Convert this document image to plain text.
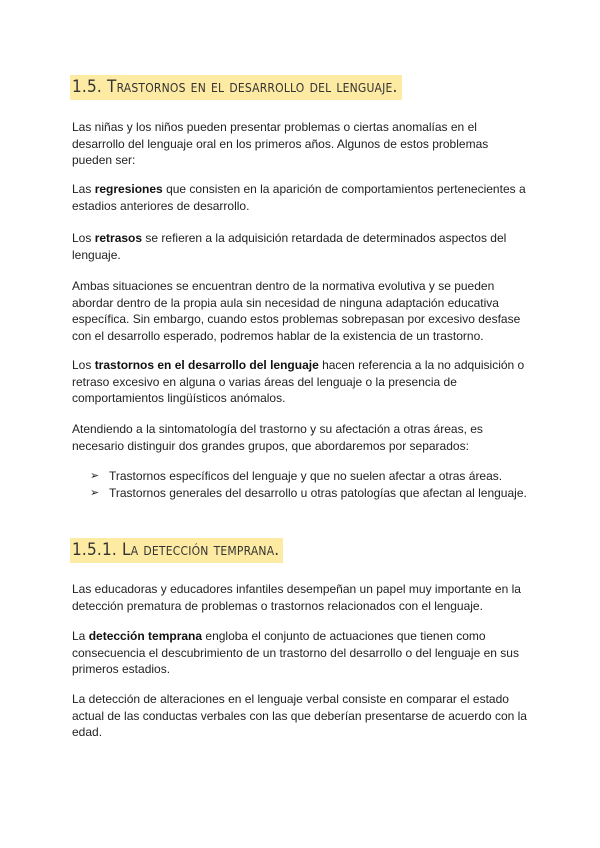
1.5. Trastornos en el desarrollo del lenguaje.

Las niñas y los niños pueden presentar problemas o ciertas anomalías en el desarrollo del lenguaje oral en los primeros años. Algunos de estos problemas pueden ser:

Las regresiones que consisten en la aparición de comportamientos pertenecientes a estadios anteriores de desarrollo.

Los retrasos se refieren a la adquisición retardada de determinados aspectos del lenguaje.

Ambas situaciones se encuentran dentro de la normativa evolutiva y se pueden abordar dentro de la propia aula sin necesidad de ninguna adaptación educativa específica. Sin embargo, cuando estos problemas sobrepasan por excesivo desfase con el desarrollo esperado, podremos hablar de la existencia de un trastorno.

Los trastornos en el desarrollo del lenguaje hacen referencia a la no adquisición o retraso excesivo en alguna o varias áreas del lenguaje o la presencia de comportamientos lingüísticos anómalos.

Atendiendo a la sintomatología del trastorno y su afectación a otras áreas, es necesario distinguir dos grandes grupos, que abordaremos por separados:

➢ Trastornos específicos del lenguaje y que no suelen afectar a otras áreas.
➢ Trastornos generales del desarrollo u otras patologías que afectan al lenguaje.
1.5.1. La detección temprana.

Las educadoras y educadores infantiles desempeñan un papel muy importante en la detección prematura de problemas o trastornos relacionados con el lenguaje.

La detección temprana engloba el conjunto de actuaciones que tienen como consecuencia el descubrimiento de un trastorno del desarrollo o del lenguaje en sus primeros estadios.

La detección de alteraciones en el lenguaje verbal consiste en comparar el estado actual de las conductas verbales con las que deberían presentarse de acuerdo con la edad.
